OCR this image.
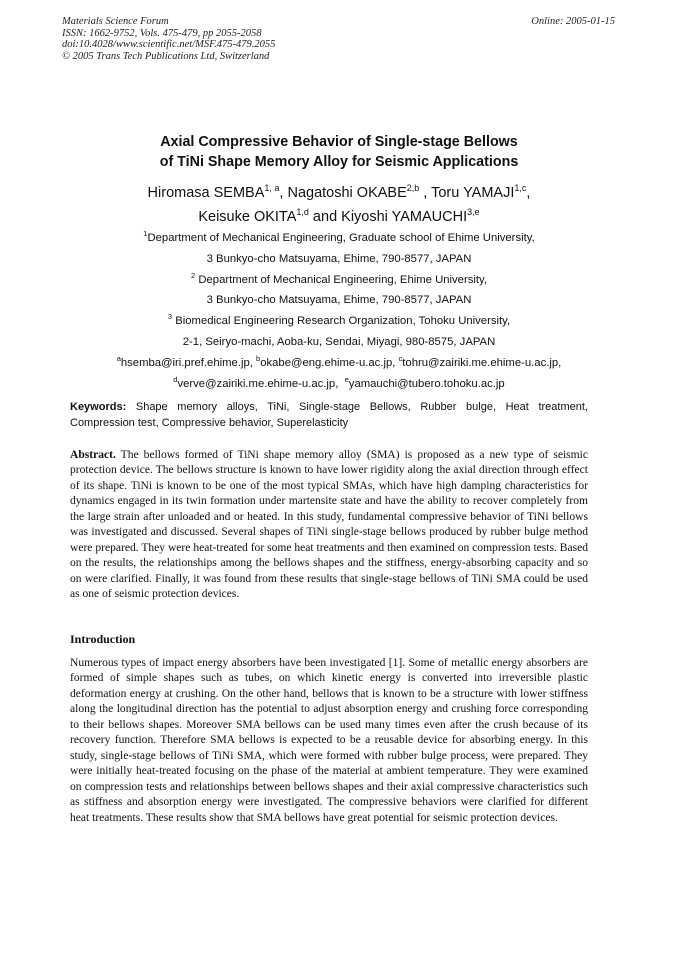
Materials Science Forum
ISSN: 1662-9752, Vols. 475-479, pp 2055-2058
doi:10.4028/www.scientific.net/MSF.475-479.2055
© 2005 Trans Tech Publications Ltd, Switzerland
Online: 2005-01-15
Axial Compressive Behavior of Single-stage Bellows
of TiNi Shape Memory Alloy for Seismic Applications
Hiromasa SEMBA$^{1, a}$, Nagatoshi OKABE$^{2,b}$ , Toru YAMAJI$^{1,c}$,
Keisuke OKITA$^{1,d}$ and Kiyoshi YAMAUCHI$^{3,e}$
$^1$Department of Mechanical Engineering, Graduate school of Ehime University,
3 Bunkyo-cho Matsuyama, Ehime, 790-8577, JAPAN
$^2$ Department of Mechanical Engineering, Ehime University,
3 Bunkyo-cho Matsuyama, Ehime, 790-8577, JAPAN
$^3$ Biomedical Engineering Research Organization, Tohoku University,
2-1, Seiryo-machi, Aoba-ku, Sendai, Miyagi, 980-8575, JAPAN
$^a$hsemba@iri.pref.ehime.jp, $^b$okabe@eng.ehime-u.ac.jp, $^c$tohru@zairiki.me.ehime-u.ac.jp,
$^d$verve@zairiki.me.ehime-u.ac.jp,  $^e$yamauchi@tubero.tohoku.ac.jp
Keywords: Shape memory alloys, TiNi, Single-stage Bellows, Rubber bulge, Heat treatment, Compression test, Compressive behavior, Superelasticity

Abstract. The bellows formed of TiNi shape memory alloy (SMA) is proposed as a new type of seismic protection device. The bellows structure is known to have lower rigidity along the axial direction through effect of its shape. TiNi is known to be one of the most typical SMAs, which have high damping characteristics for dynamics engaged in its twin formation under martensite state and have the ability to recover completely from the large strain after unloaded and or heated. In this study, fundamental compressive behavior of TiNi bellows was investigated and discussed. Several shapes of TiNi single-stage bellows produced by rubber bulge method were prepared. They were heat-treated for some heat treatments and then examined on compression tests. Based on the results, the relationships among the bellows shapes and the stiffness, energy-absorbing capacity and so on were clarified. Finally, it was found from these results that single-stage bellows of TiNi SMA could be used as one of seismic protection devices.

Introduction

Numerous types of impact energy absorbers have been investigated [1]. Some of metallic energy absorbers are formed of simple shapes such as tubes, on which kinetic energy is converted into irreversible plastic deformation energy at crushing. On the other hand, bellows that is known to be a structure with lower stiffness along the longitudinal direction has the potential to adjust absorption energy and crushing force corresponding to their bellows shapes. Moreover SMA bellows can be used many times even after the crush because of its recovery function. Therefore SMA bellows is expected to be a reusable device for absorbing energy. In this study, single-stage bellows of TiNi SMA, which were formed with rubber bulge process, were prepared. They were initially heat-treated focusing on the phase of the material at ambient temperature. They were examined on compression tests and relationships between bellows shapes and their axial compressive characteristics such as stiffness and absorption energy were investigated. The compressive behaviors were clarified for different heat treatments. These results show that SMA bellows have great potential for seismic protection devices.
